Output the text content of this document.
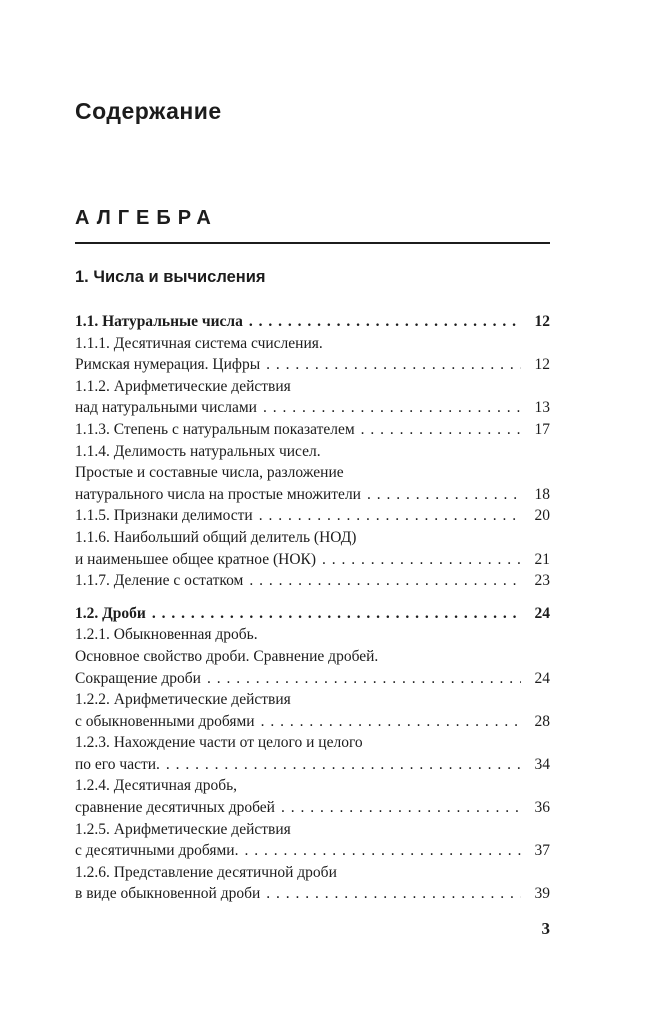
Содержание
АЛГЕБРА
1. Числа и вычисления
1.1. Натуральные числа . . .	12
1.1.1. Десятичная система счисления.
Римская нумерация. Цифры . . .	12
1.1.2. Арифметические действия
над натуральными числами . . .	13
1.1.3. Степень с натуральным показателем . . .	17
1.1.4. Делимость натуральных чисел.
Простые и составные числа, разложение
натурального числа на простые множители . . .	18
1.1.5. Признаки делимости . . .	20
1.1.6. Наибольший общий делитель (НОД)
и наименьшее общее кратное (НОК) . . .	21
1.1.7. Деление с остатком . . .	23
1.2. Дроби . . .	24
1.2.1. Обыкновенная дробь.
Основное свойство дроби. Сравнение дробей.
Сокращение дроби . . .	24
1.2.2. Арифметические действия
с обыкновенными дробями . . .	28
1.2.3. Нахождение части от целого и целого
по его части. . . .	34
1.2.4. Десятичная дробь,
сравнение десятичных дробей . . .	36
1.2.5. Арифметические действия
с десятичными дробями. . . .	37
1.2.6. Представление десятичной дроби
в виде обыкновенной дроби . . .	39
3
